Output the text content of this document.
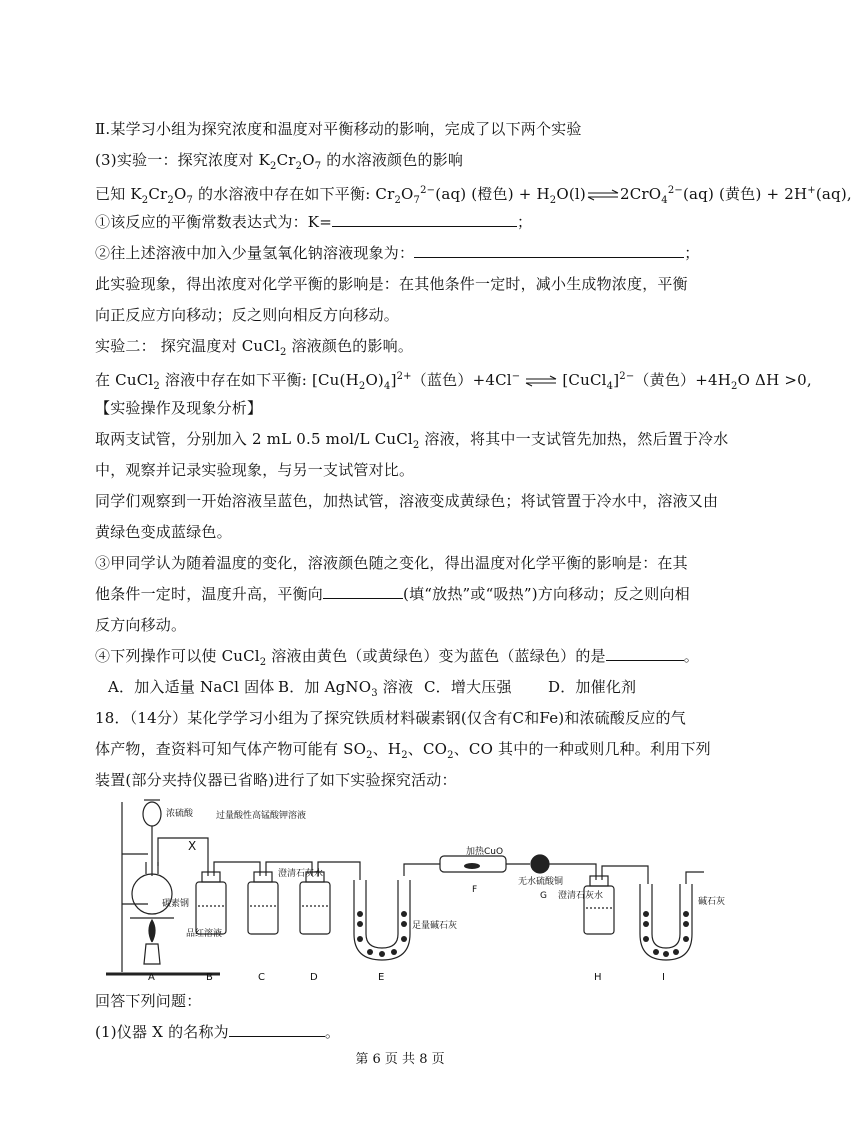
Ⅱ.某学习小组为探究浓度和温度对平衡移动的影响，完成了以下两个实验
(3)实验一：探究浓度对 $K_2Cr_2O_7$ 的水溶液颜色的影响
已知 $K_2Cr_2O_7$ 的水溶液中存在如下平衡: $Cr_2O_7^{2-}(aq)$ (橙色) + $H_2O(l)\rightleftharpoons 2CrO_4^{2-}(aq)$ (黄色) + 2H+(aq),
①该反应的平衡常数表达式为：K=	；
②往上述溶液中加入少量氢氧化钠溶液现象为：	；
此实验现象，得出浓度对化学平衡的影响是：在其他条件一定时，减小生成物浓度，平衡
向正反应方向移动；反之则向相反方向移动。
实验二： 探究温度对 CuCl$_2$ 溶液颜色的影响。
在 CuCl$_2$ 溶液中存在如下平衡: $[Cu(H_2O)_4]^{2+}$（蓝色）+4Cl− ⇌ [CuCl$_4$]$^{2-}$（黄色）$+4H_2O$ ΔH >0,
【实验操作及现象分析】
取两支试管，分别加入 2 mL 0.5 mol/L CuCl$_2$ 溶液，将其中一支试管先加热，然后置于冷水
中，观察并记录实验现象，与另一支试管对比。
同学们观察到一开始溶液呈蓝色，加热试管，溶液变成黄绿色；将试管置于冷水中，溶液又由
黄绿色变成蓝绿色。
③甲同学认为随着温度的变化，溶液颜色随之变化，得出温度对化学平衡的影响是：在其
他条件一定时，温度升高，平衡向	(填“放热”或“吸热”)方向移动；反之则向相
反方向移动。
④下列操作可以使 CuCl$_2$ 溶液由黄色（或黄绿色）变为蓝色（蓝绿色）的是	。
A．加入适量 NaCl 固体 B．加 AgNO$_3$ 溶液 C．增大压强 D．加催化剂
18．（14分）某化学学习小组为了探究铁质材料碳素钢(仅含有C和Fe)和浓硫酸反应的气
体产物，查资料可知气体产物可能有 $SO_2$、$H_2$、$CO_2$、CO 其中的一种或则几种。利用下列
装置(部分夹持仪器已省略)进行了如下实验探究活动：
浓硫酸
X
过量酸性高锰酸钾溶液
加热CuO
F
无水硫酸铜
G
足量碱石灰
碱石灰
碳素钢
品红溶液
澄清石灰水
澄清石灰水
A	B	C	D	E	H	I
回答下列问题：
(1)仪器 X 的名称为	。
第 6 页 共 8 页
